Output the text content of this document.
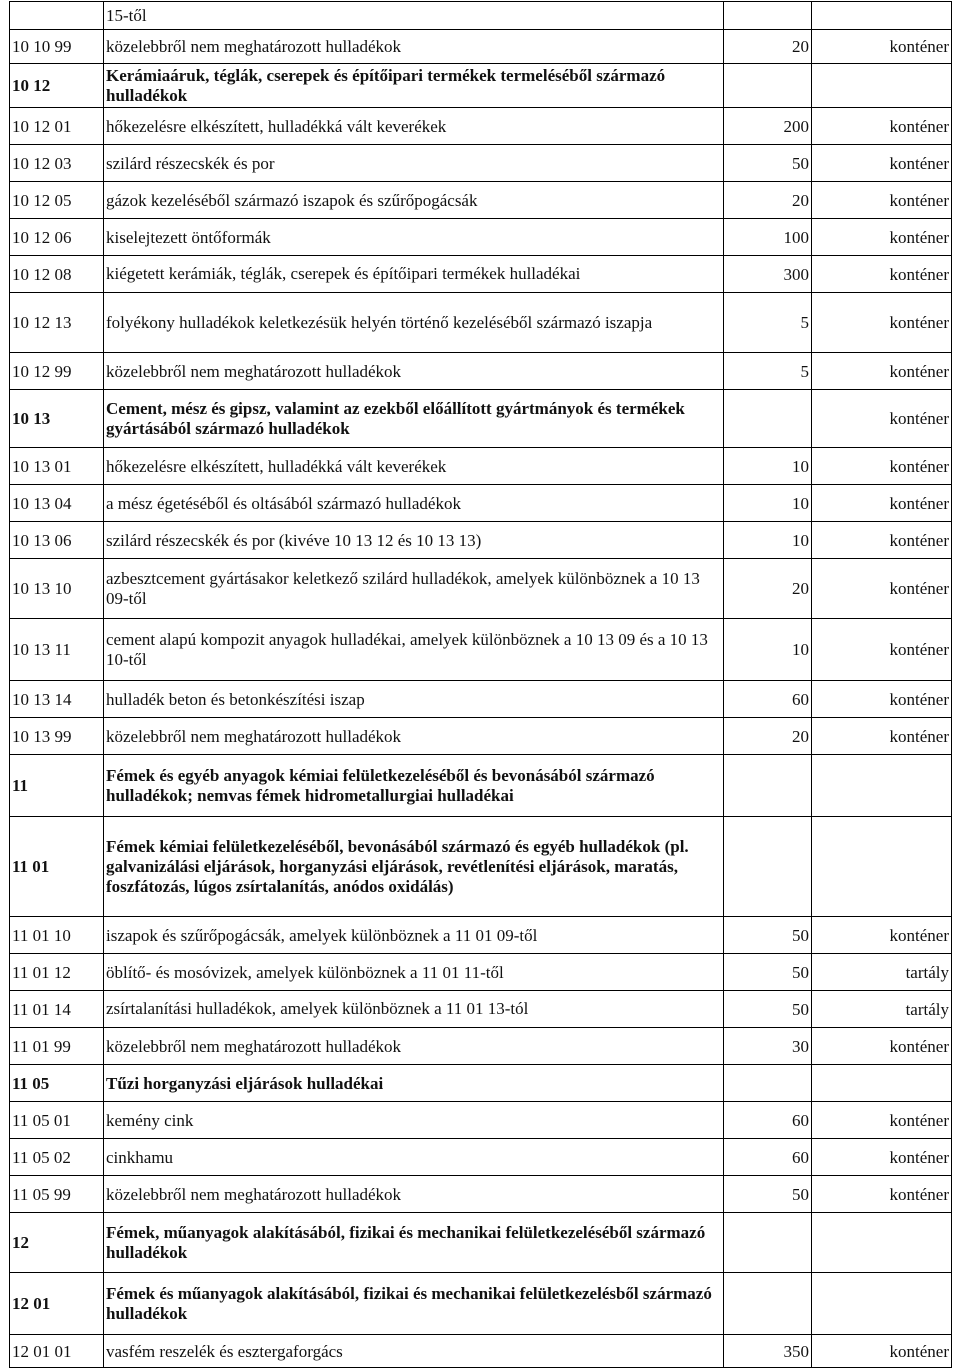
	15-től		
10 10 99	közelebbről nem meghatározott hulladékok	20	konténer
10 12	Kerámiaáruk, téglák, cserepek és építőipari termékek termeléséből származó hulladékok		
10 12 01	hőkezelésre elkészített, hulladékká vált keverékek	200	konténer
10 12 03	szilárd részecskék és por	50	konténer
10 12 05	gázok kezeléséből származó iszapok és szűrőpogácsák	20	konténer
10 12 06	kiselejtezett öntőformák	100	konténer
10 12 08	kiégetett kerámiák, téglák, cserepek és építőipari termékek hulladékai	300	konténer
10 12 13	folyékony hulladékok keletkezésük helyén történő kezeléséből származó iszapja	5	konténer
10 12 99	közelebbről nem meghatározott hulladékok	5	konténer
10 13	Cement, mész és gipsz, valamint az ezekből előállított gyártmányok és termékek gyártásából származó hulladékok		konténer
10 13 01	hőkezelésre elkészített, hulladékká vált keverékek	10	konténer
10 13 04	a mész égetéséből és oltásából származó hulladékok	10	konténer
10 13 06	szilárd részecskék és por (kivéve 10 13 12 és 10 13 13)	10	konténer
10 13 10	azbesztcement gyártásakor keletkező szilárd hulladékok, amelyek különböznek a 10 13 09-től	20	konténer
10 13 11	cement alapú kompozit anyagok hulladékai, amelyek különböznek a 10 13 09 és a 10 13 10-től	10	konténer
10 13 14	hulladék beton és betonkészítési iszap	60	konténer
10 13 99	közelebbről nem meghatározott hulladékok	20	konténer
11	Fémek és egyéb anyagok kémiai felületkezeléséből és bevonásából származó hulladékok; nemvas fémek hidrometallurgiai hulladékai		
11 01	Fémek kémiai felületkezeléséből, bevonásából származó és egyéb hulladékok (pl. galvanizálási eljárások, horganyzási eljárások, revétlenítési eljárások, maratás, foszfátozás, lúgos zsírtalanítás, anódos oxidálás)		
11 01 10	iszapok és szűrőpogácsák, amelyek különböznek a 11 01 09-től	50	konténer
11 01 12	öblítő- és mosóvizek, amelyek különböznek a 11 01 11-től	50	tartály
11 01 14	zsírtalanítási hulladékok, amelyek különböznek a 11 01 13-tól	50	tartály
11 01 99	közelebbről nem meghatározott hulladékok	30	konténer
11 05	Tűzi horganyzási eljárások hulladékai		
11 05 01	kemény cink	60	konténer
11 05 02	cinkhamu	60	konténer
11 05 99	közelebbről nem meghatározott hulladékok	50	konténer
12	Fémek, műanyagok alakításából, fizikai és mechanikai felületkezeléséből származó hulladékok		
12 01	Fémek és műanyagok alakításából, fizikai és mechanikai felületkezelésből származó hulladékok		
12 01 01	vasfém reszelék és esztergaforgács	350	konténer
